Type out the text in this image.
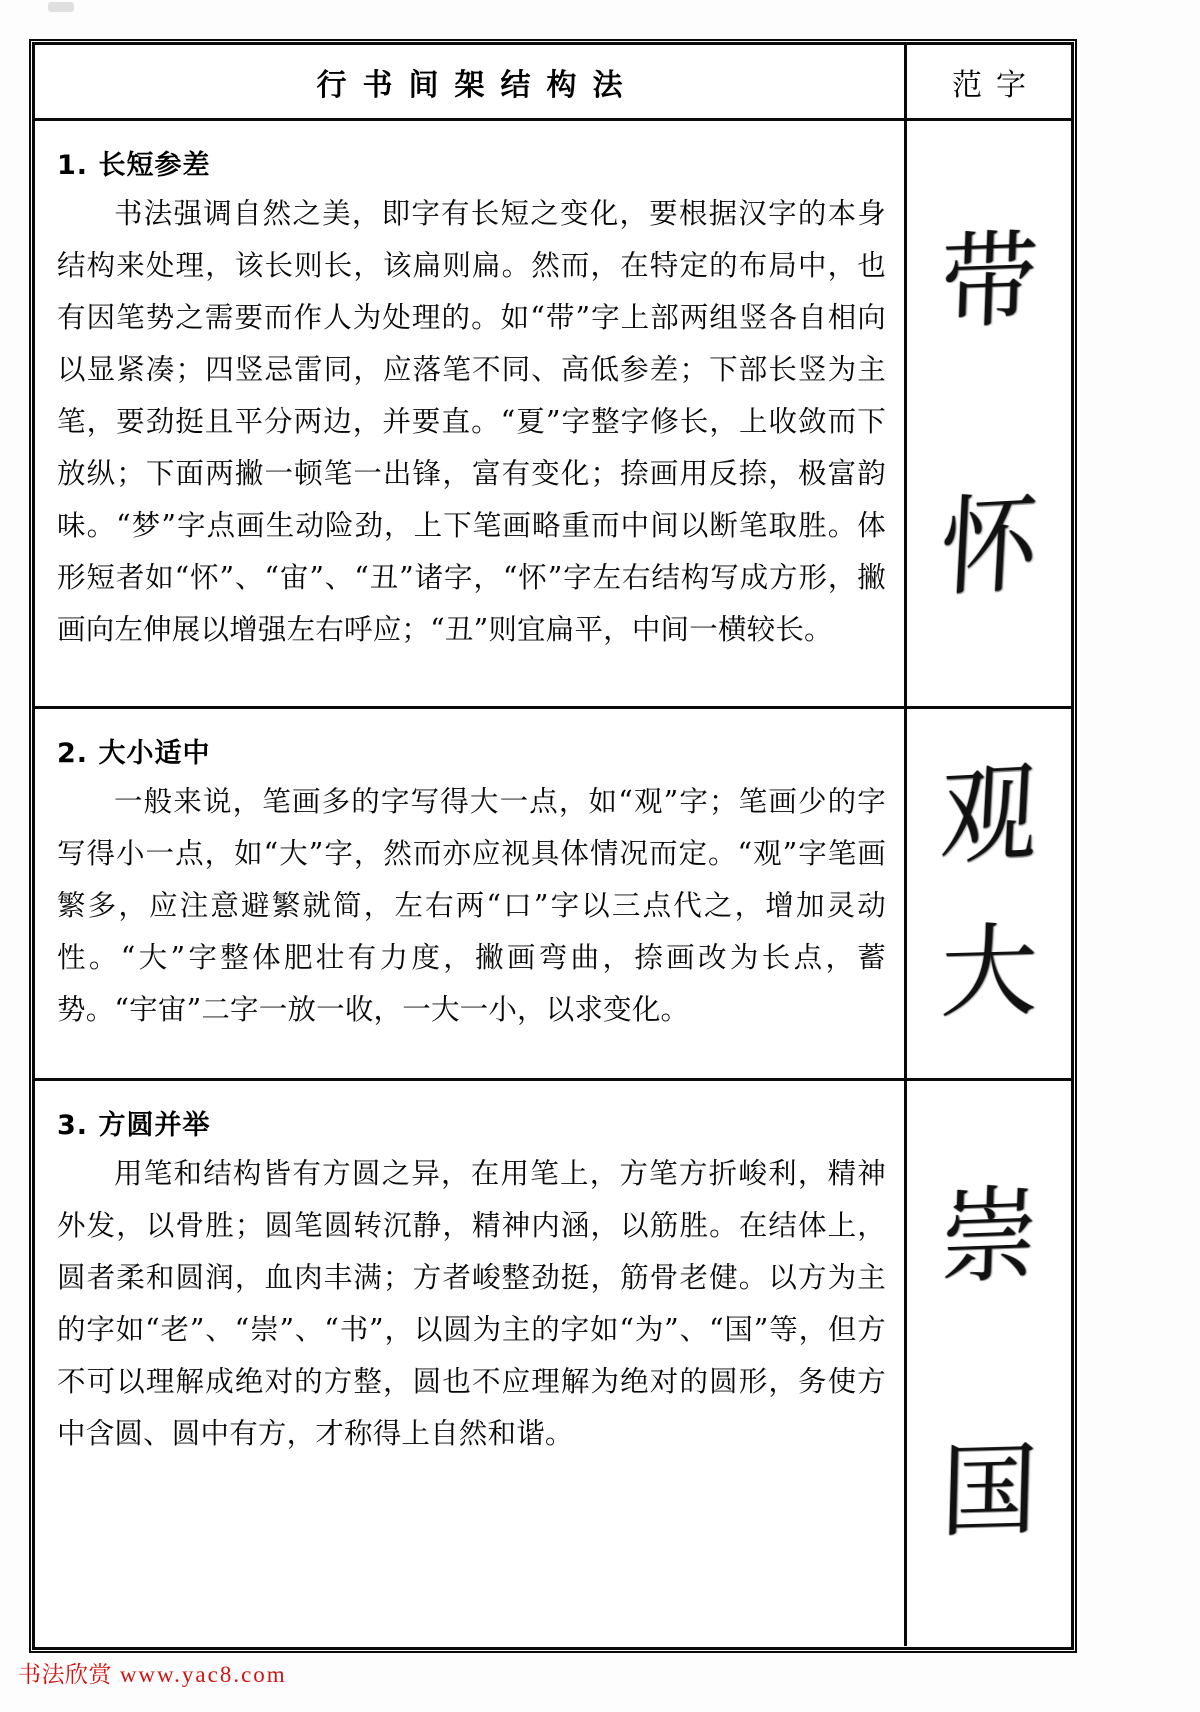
行书间架结构法	范字
1. 长短参差

书法强调自然之美，即字有长短之变化，要根据汉字的本身结构来处理，该长则长，该扁则扁。然而，在特定的布局中，也有因笔势之需要而作人为处理的。如“带”字上部两组竖各自相向以显紧凑；四竖忌雷同，应落笔不同、高低参差；下部长竖为主笔，要劲挺且平分两边，并要直。“夏”字整字修长，上收敛而下放纵；下面两撇一顿笔一出锋，富有变化；捺画用反捺，极富韵味。“梦”字点画生动险劲，上下笔画略重而中间以断笔取胜。体形短者如“怀”、“宙”、“丑”诸字，“怀”字左右结构写成方形，撇画向左伸展以增强左右呼应；“丑”则宜扁平，中间一横较长。

带
怀
2. 大小适中

一般来说，笔画多的字写得大一点，如“观”字；笔画少的字写得小一点，如“大”字，然而亦应视具体情况而定。“观”字笔画繁多，应注意避繁就简，左右两“口”字以三点代之，增加灵动性。“大”字整体肥壮有力度，撇画弯曲，捺画改为长点，蓄势。“宇宙”二字一放一收，一大一小，以求变化。

观
大
3. 方圆并举

用笔和结构皆有方圆之异，在用笔上，方笔方折峻利，精神外发，以骨胜；圆笔圆转沉静，精神内涵，以筋胜。在结体上，圆者柔和圆润，血肉丰满；方者峻整劲挺，筋骨老健。以方为主的字如“老”、“崇”、“书”，以圆为主的字如“为”、“国”等，但方不可以理解成绝对的方整，圆也不应理解为绝对的圆形，务使方中含圆、圆中有方，才称得上自然和谐。

崇
国
书法欣赏 www.yac8.com
